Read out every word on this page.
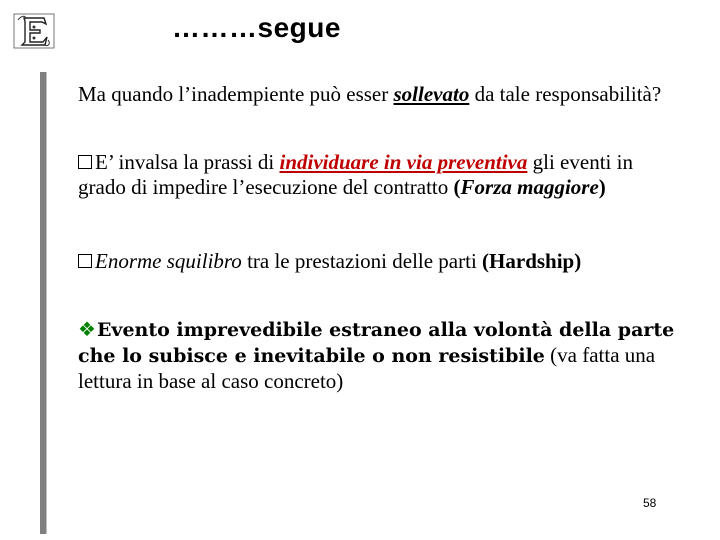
………segue

Ma quando l’inadempiente può esser sollevato da tale responsabilità?

E’ invalsa la prassi di individuare in via preventiva gli eventi in grado di impedire l’esecuzione del contratto (Forza maggiore)

Enorme squilibro tra le prestazioni delle parti (Hardship)

❖Evento imprevedibile estraneo alla volontà della parte che lo subisce e inevitabile o non resistibile (va fatta una lettura in base al caso concreto)

58
